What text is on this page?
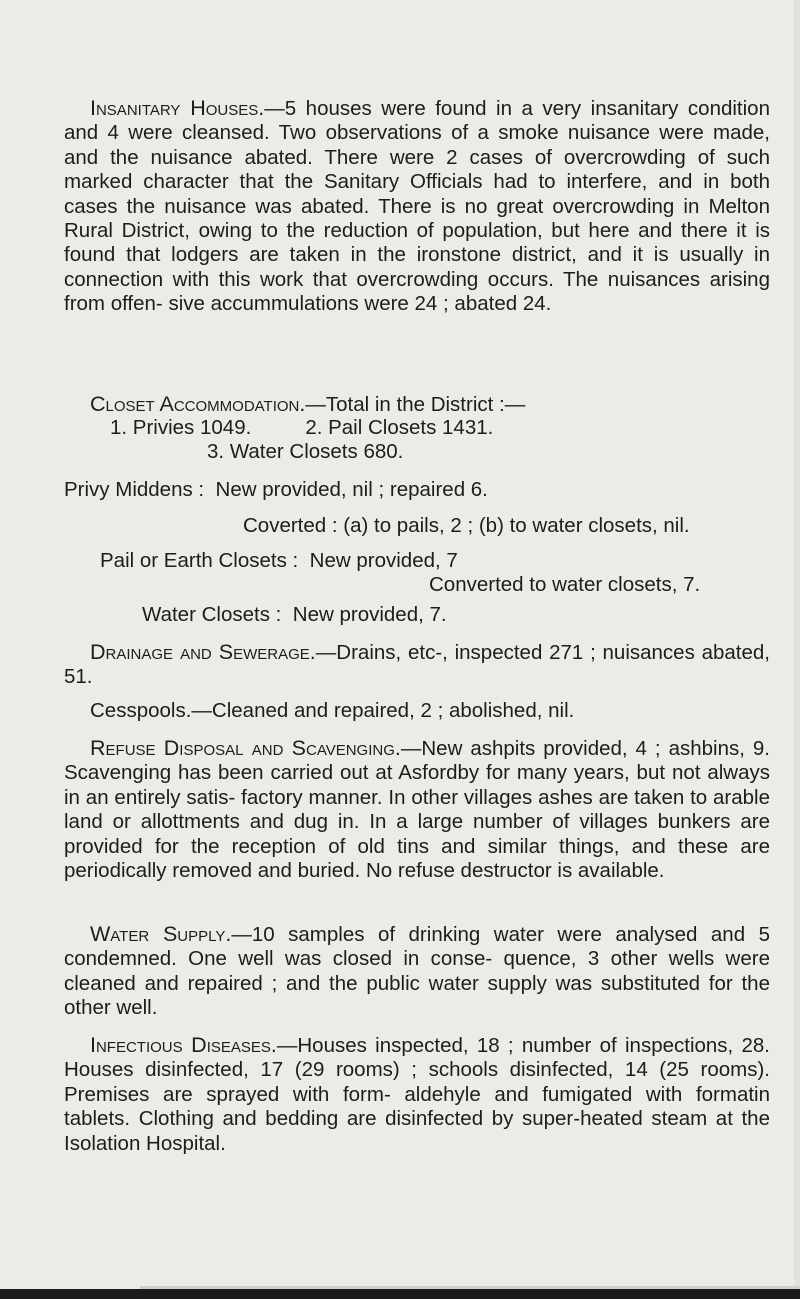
Insanitary Houses.—5 houses were found in a very insanitary condition and 4 were cleansed. Two observations of a smoke nuisance were made, and the nuisance abated. There were 2 cases of overcrowding of such marked character that the Sanitary Officials had to interfere, and in both cases the nuisance was abated. There is no great overcrowding in Melton Rural District, owing to the reduction of population, but here and there it is found that lodgers are taken in the ironstone district, and it is usually in connection with this work that overcrowding occurs. The nuisances arising from offen- sive accummulations were 24 ; abated 24.

Closet Accommodation.—Total in the District :—

1. Privies 1049.	2. Pail Closets 1431.

3. Water Closets 680.

Privy Middens : New provided, nil ; repaired 6.

Coverted : (a) to pails, 2 ; (b) to water closets, nil.

Pail or Earth Closets : New provided, 7

Converted to water closets, 7.

Water Closets : New provided, 7.

Drainage and Sewerage.—Drains, etc-, inspected 271 ; nuisances abated, 51.

Cesspools.—Cleaned and repaired, 2 ; abolished, nil.

Refuse Disposal and Scavenging.—New ashpits provided, 4 ; ashbins, 9. Scavenging has been carried out at Asfordby for many years, but not always in an entirely satis- factory manner. In other villages ashes are taken to arable land or allottments and dug in. In a large number of villages bunkers are provided for the reception of old tins and similar things, and these are periodically removed and buried. No refuse destructor is available.

Water Supply.—10 samples of drinking water were analysed and 5 condemned. One well was closed in conse- quence, 3 other wells were cleaned and repaired ; and the public water supply was substituted for the other well.

Infectious Diseases.—Houses inspected, 18 ; number of inspections, 28. Houses disinfected, 17 (29 rooms) ; schools disinfected, 14 (25 rooms). Premises are sprayed with form- aldehyle and fumigated with formatin tablets. Clothing and bedding are disinfected by super-heated steam at the Isolation Hospital.
